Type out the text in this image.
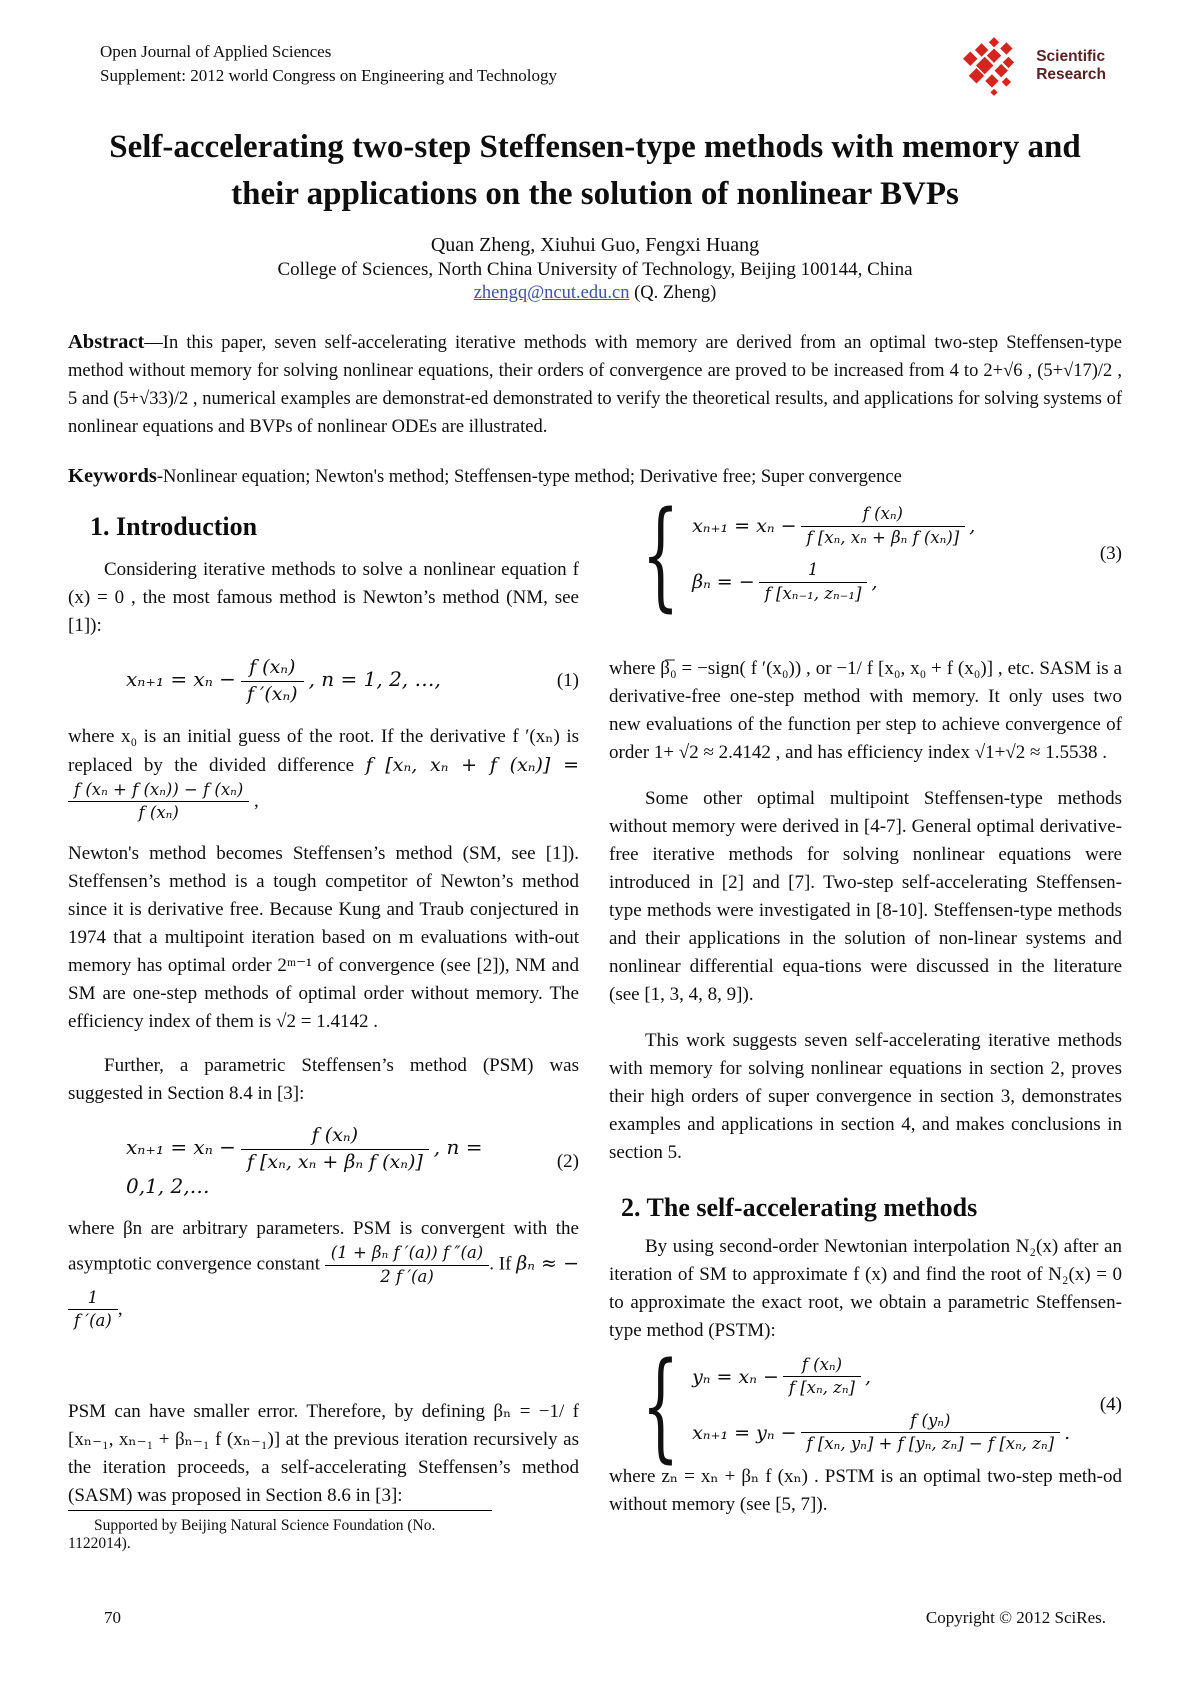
Open Journal of Applied Sciences
Supplement: 2012 world Congress on Engineering and Technology
Scientific
Research
Self-accelerating two-step Steffensen-type methods with memory and their applications on the solution of nonlinear BVPs
Quan Zheng, Xiuhui Guo, Fengxi Huang
College of Sciences, North China University of Technology, Beijing 100144, China
zhengq@ncut.edu.cn (Q. Zheng)
Abstract—In this paper, seven self-accelerating iterative methods with memory are derived from an optimal two-step Steffensen-type method without memory for solving nonlinear equations, their orders of convergence are proved to be increased from 4 to 2+√6 , (5+√17)/2 , 5 and (5+√33)/2 , numerical examples are demonstrat-ed demonstrated to verify the theoretical results, and applications for solving systems of nonlinear equations and BVPs of nonlinear ODEs are illustrated.
Keywords-Nonlinear equation; Newton's method; Steffensen-type method; Derivative free; Super convergence
1. Introduction

Considering iterative methods to solve a nonlinear equation f (x) = 0 , the most famous method is Newton’s method (NM, see [1]):

$x_{n+1} = x_n - \frac{\text{f (xₙ)}}{\text{f ′(xₙ)}}$ , n = 1, 2, …,	(1)

where x₀ is an initial guess of the root. If the derivative f ′(xₙ) is replaced by the divided difference f [xₙ, xₙ + f (xₙ)] =
$\frac{\text{f (xₙ + f (xₙ)) − f (xₙ)}}{\text{f (xₙ)}}$ ,

Newton's method becomes Steffensen’s method (SM, see [1]). Steffensen’s method is a tough competitor of Newton’s method since it is derivative free. Because Kung and Traub conjectured in 1974 that a multipoint iteration based on m evaluations with-out memory has optimal order 2ᵐ⁻¹ of convergence (see [2]), NM and SM are one-step methods of optimal order without memory. The efficiency index of them is √2 = 1.4142 .

Further, a parametric Steffensen’s method (PSM) was suggested in Section 8.4 in [3]:

$x_{n+1} = x_n - \frac{\text{f (xₙ)}}{\text{f [xₙ, xₙ + βₙ f (xₙ)]}}$ , n = 0,1, 2,…
(2)

where βn are arbitrary parameters. PSM is convergent with the asymptotic convergence constant $\frac{\text{(1 + βₙ f ′(a)) f ″(a)}}{2 f '(a)}$ . If βₙ ≈ −
$\frac{1}{f '(a)}$ ,

PSM can have smaller error. Therefore, by defining βₙ = −1/ f [xₙ₋₁, xₙ₋₁ + βₙ₋₁ f (xₙ₋₁)] at the previous iteration recursively as the iteration proceeds, a self-accelerating Steffensen’s method (SASM) was proposed in Section 8.6 in [3]:

Supported by Beijing Natural Science Foundation (No. 1122014).
{ $x_{n+1} = x_n - \frac{\text{f (xₙ)}}{\text{f [xₙ, xₙ + βₙ f (xₙ)]}}$ ,
βₙ = − $\frac{1}{\text{f [xₙ₋₁, zₙ₋₁]}}$ ,
(3)

where β̅₀ = −sign( f ′(x₀)) , or −1/ f [x₀, x₀ + f (x₀)] , etc. SASM is a derivative-free one-step method with memory. It only uses two new evaluations of the function per step to achieve convergence of order 1+ √2 ≈ 2.4142 , and has efficiency index √1+√2 ≈ 1.5538 .

Some other optimal multipoint Steffensen-type methods without memory were derived in [4-7]. General optimal derivative-free iterative methods for solving nonlinear equations were introduced in [2] and [7]. Two-step self-accelerating Steffensen-type methods were investigated in [8-10]. Steffensen-type methods and their applications in the solution of non-linear systems and nonlinear differential equa-tions were discussed in the literature (see [1, 3, 4, 8, 9]).

This work suggests seven self-accelerating iterative methods with memory for solving nonlinear equations in section 2, proves their high orders of super convergence in section 3, demonstrates examples and applications in section 4, and makes conclusions in section 5.

2. The self-accelerating methods

By using second-order Newtonian interpolation N₂(x) after an iteration of SM to approximate f (x) and find the root of N₂(x) = 0 to approximate the exact root, we obtain a parametric Steffensen-type method (PSTM):

{ $y_n = x_n - \frac{\text{f (xₙ)}}{\text{f [xₙ, zₙ]}}$ ,
$x_{n+1} = y_n - \frac{\text{f (yₙ)}}{\text{f [xₙ, yₙ] + f [yₙ, zₙ] − f [xₙ, zₙ]}}$ .
(4)

where zₙ = xₙ + βₙ f (xₙ) . PSTM is an optimal two-step meth-od without memory (see [5, 7]).

70	Copyright © 2012 SciRes.
